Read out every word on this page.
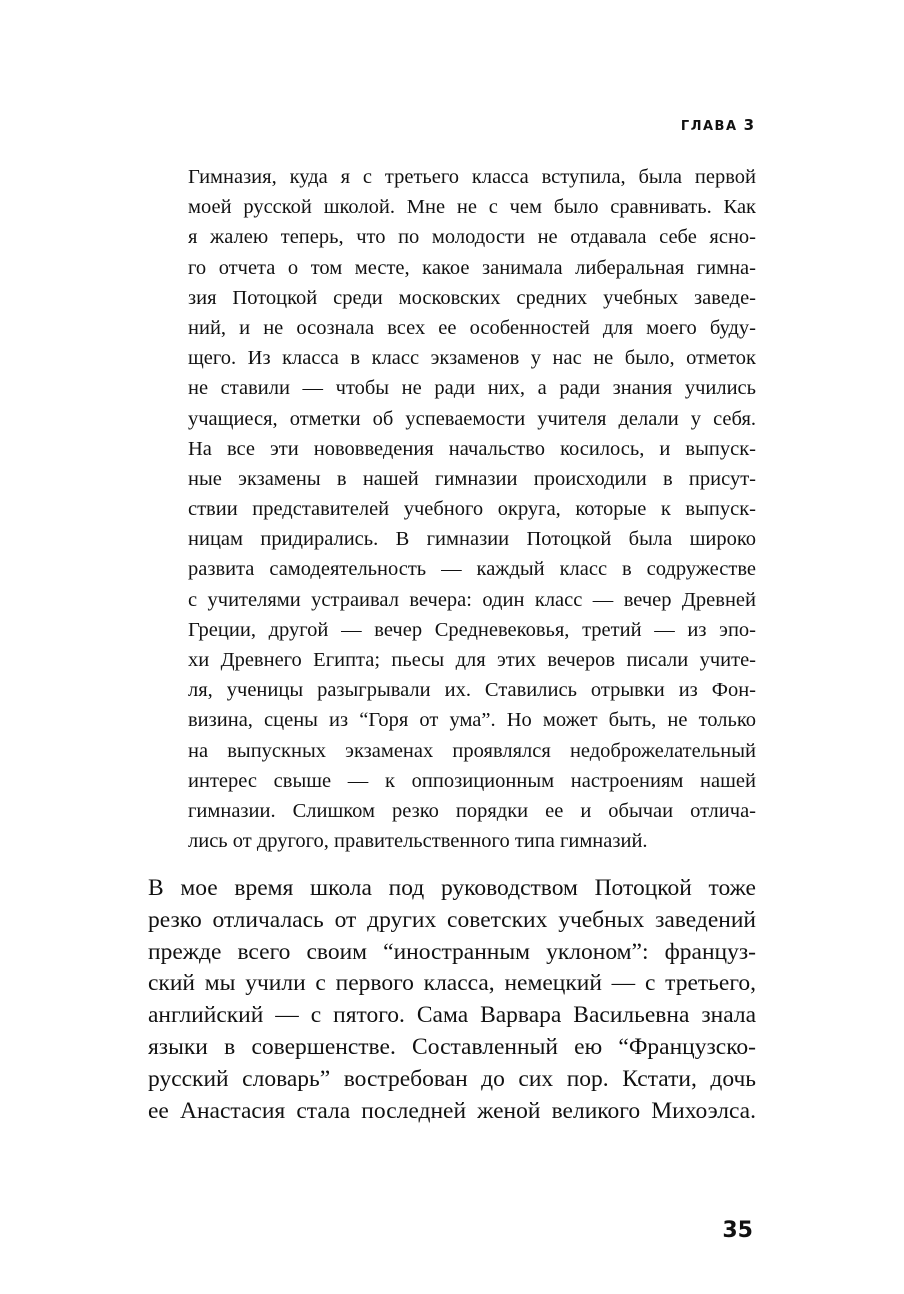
ГЛАВА 3
Гимназия, куда я с третьего класса вступила, была первой
моей русской школой. Мне не с чем было сравнивать. Как
я жалею теперь, что по молодости не отдавала себе ясно-
го отчета о том месте, какое занимала либеральная гимна-
зия Потоцкой среди московских средних учебных заведе-
ний, и не осознала всех ее особенностей для моего буду-
щего. Из класса в класс экзаменов у нас не было, отметок
не ставили — чтобы не ради них, а ради знания учились
учащиеся, отметки об успеваемости учителя делали у себя.
На все эти нововведения начальство косилось, и выпуск-
ные экзамены в нашей гимназии происходили в присут-
ствии представителей учебного округа, которые к выпуск-
ницам придирались. В гимназии Потоцкой была широко
развита самодеятельность — каждый класс в содружестве
с учителями устраивал вечера: один класс — вечер Древней
Греции, другой — вечер Средневековья, третий — из эпо-
хи Древнего Египта; пьесы для этих вечеров писали учите-
ля, ученицы разыгрывали их. Ставились отрывки из Фон-
визина, сцены из “Горя от ума”. Но может быть, не только
на выпускных экзаменах проявлялся недоброжелательный
интерес свыше — к оппозиционным настроениям нашей
гимназии. Слишком резко порядки ее и обычаи отлича-
лись от другого, правительственного типа гимназий.
В мое время школа под руководством Потоцкой тоже
резко отличалась от других советских учебных заведений
прежде всего своим “иностранным уклоном”: француз-
ский мы учили с первого класса, немецкий — с третьего,
английский — с пятого. Сама Варвара Васильевна знала
языки в совершенстве. Составленный ею “Французско-
русский словарь” востребован до сих пор. Кстати, дочь
ее Анастасия стала последней женой великого Михоэлса.
35
